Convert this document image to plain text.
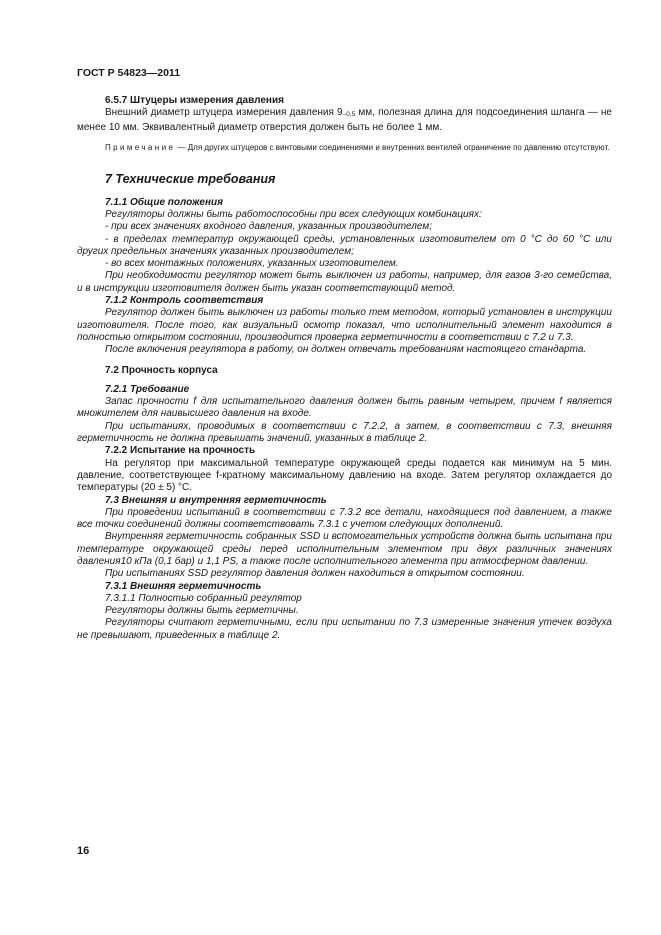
ГОСТ Р 54823—2011

6.5.7 Штуцеры измерения давления

Внешний диаметр штуцера измерения давления $9_{-0,5}$ мм, полезная длина для подсоединения шланга — не менее 10 мм. Эквивалентный диаметр отверстия должен быть не более 1 мм.

Примечание — Для других штуцеров с винтовыми соединениями и внутренних вентилей ограничение по давлению отсутствуют.

7 Технические требования

7.1.1 Общие положения

Регуляторы должны быть работоспособны при всех следующих комбинациях:

- при всех значениях входного давления, указанных производителем;

- в пределах температур окружающей среды, установленных изготовителем от 0 °С до 60 °С или других предельных значениях указанных производителем;

- во всех монтажных положениях, указанных изготовителем.

При необходимости регулятор может быть выключен из работы, например, для газов 3-го семейства, и в инструкции изготовителя должен быть указан соответствующий метод.

7.1.2 Контроль соответствия

Регулятор должен быть выключен из работы только тем методом, который установлен в инструкции изготовителя. После того, как визуальный осмотр показал, что исполнительный элемент находится в полностью открытом состоянии, производится проверка герметичности в соответствии с 7.2 и 7.3.

После включения регулятора в работу, он должен отвечать требованиям настоящего стандарта.

7.2 Прочность корпуса

7.2.1 Требование

Запас прочности f для испытательного давления должен быть равным четырем, причем f является множителем для наивысшего давления на входе.

При испытаниях, проводимых в соответствии с 7.2.2, а затем, в соответствии с 7.3, внешняя герметичность не должна превышать значений, указанных в таблице 2.

7.2.2 Испытание на прочность

На регулятор при максимальной температуре окружающей среды подается как минимум на 5 мин. давление, соответствующее f-кратному максимальному давлению на входе. Затем регулятор охлаждается до температуры (20 ± 5) °С.

7.3 Внешняя и внутренняя герметичность

При проведении испытаний в соответствии с 7.3.2 все детали, находящиеся под давлением, а также все точки соединений должны соответствовать 7.3.1 с учетом следующих дополнений.

Внутренняя герметичность собранных SSD и вспомогательных устройств должна быть испытана при температуре окружающей среды перед исполнительным элементом при двух различных значениях давления10 кПа (0,1 бар) и 1,1 PS, а также после исполнительного элемента при атмосферном давлении.

При испытаниях SSD регулятор давления должен находиться в открытом состоянии.

7.3.1 Внешняя герметичность

7.3.1.1 Полностью собранный регулятор

Регуляторы должны быть герметичны.

Регуляторы считают герметичными, если при испытании по 7.3 измеренные значения утечек воздуха не превышают, приведенных в таблице 2.

16
